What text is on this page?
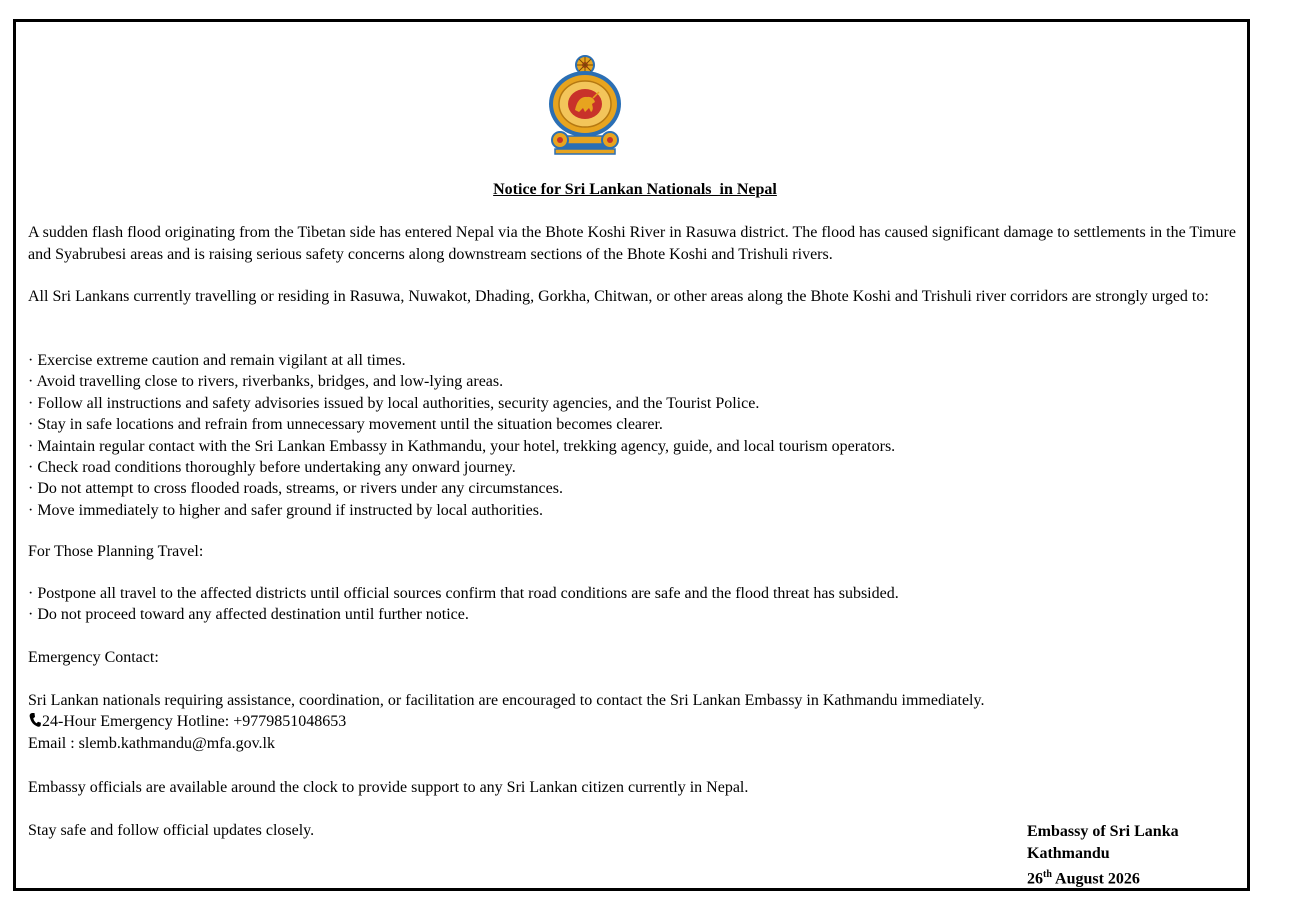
Notice for Sri Lankan Nationals  in Nepal

A sudden flash flood originating from the Tibetan side has entered Nepal via the Bhote Koshi River in Rasuwa district. The flood has caused significant damage to settlements in the Timure and Syabrubesi areas and is raising serious safety concerns along downstream sections of the Bhote Koshi and Trishuli rivers.

All Sri Lankans currently travelling or residing in Rasuwa, Nuwakot, Dhading, Gorkha, Chitwan, or other areas along the Bhote Koshi and Trishuli river corridors are strongly urged to:

· Exercise extreme caution and remain vigilant at all times.
· Avoid travelling close to rivers, riverbanks, bridges, and low-lying areas.
· Follow all instructions and safety advisories issued by local authorities, security agencies, and the Tourist Police.
· Stay in safe locations and refrain from unnecessary movement until the situation becomes clearer.
· Maintain regular contact with the Sri Lankan Embassy in Kathmandu, your hotel, trekking agency, guide, and local tourism operators.
· Check road conditions thoroughly before undertaking any onward journey.
· Do not attempt to cross flooded roads, streams, or rivers under any circumstances.
· Move immediately to higher and safer ground if instructed by local authorities.

For Those Planning Travel:

· Postpone all travel to the affected districts until official sources confirm that road conditions are safe and the flood threat has subsided.
· Do not proceed toward any affected destination until further notice.

Emergency Contact:

Sri Lankan nationals requiring assistance, coordination, or facilitation are encouraged to contact the Sri Lankan Embassy in Kathmandu immediately.
24-Hour Emergency Hotline: +9779851048653
Email : slemb.kathmandu@mfa.gov.lk

Embassy officials are available around the clock to provide support to any Sri Lankan citizen currently in Nepal.

Stay safe and follow official updates closely.	Embassy of Sri Lanka
Kathmandu
26th August 2026
